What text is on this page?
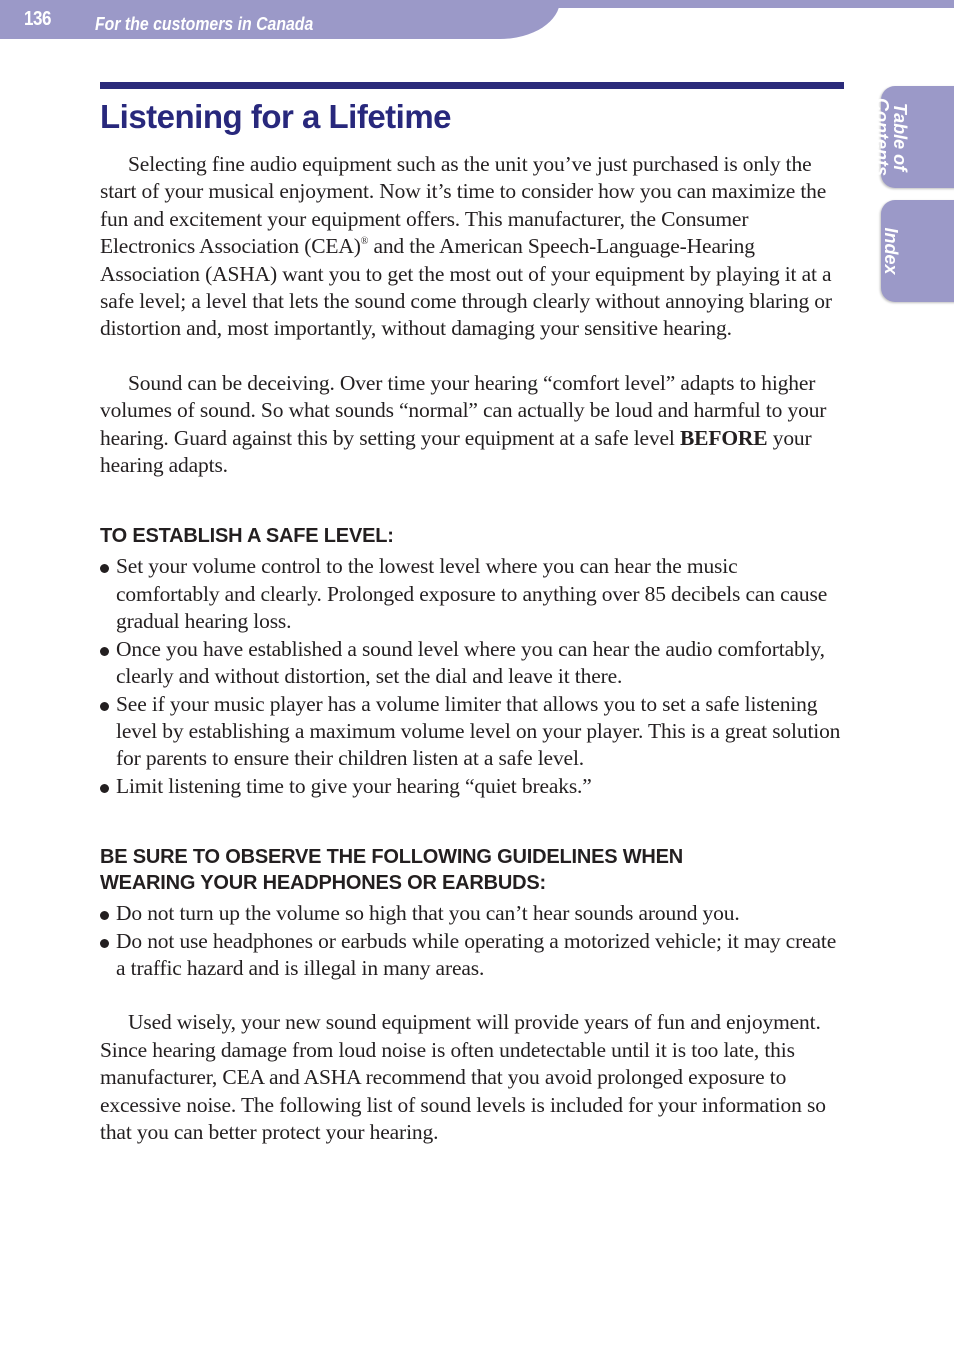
136 For the customers in Canada
Table of
Contents
Index
Listening for a Lifetime

Selecting fine audio equipment such as the unit you’ve just purchased is only the start of your musical enjoyment. Now it’s time to consider how you can maximize the fun and excitement your equipment offers. This manufacturer, the Consumer Electronics Association (CEA)® and the American Speech-Language-Hearing Association (ASHA) want you to get the most out of your equipment by playing it at a safe level; a level that lets the sound come through clearly without annoying blaring or distortion and, most importantly, without damaging your sensitive hearing.

Sound can be deceiving. Over time your hearing “comfort level” adapts to higher volumes of sound. So what sounds “normal” can actually be loud and harmful to your hearing. Guard against this by setting your equipment at a safe level BEFORE your hearing adapts.

TO ESTABLISH A SAFE LEVEL:
Set your volume control to the lowest level where you can hear the music comfortably and clearly. Prolonged exposure to anything over 85 decibels can cause gradual hearing loss.
Once you have established a sound level where you can hear the audio comfortably, clearly and without distortion, set the dial and leave it there.
See if your music player has a volume limiter that allows you to set a safe listening level by establishing a maximum volume level on your player. This is a great solution for parents to ensure their children listen at a safe level.
Limit listening time to give your hearing “quiet breaks.”
BE SURE TO OBSERVE THE FOLLOWING GUIDELINES WHEN
WEARING YOUR HEADPHONES OR EARBUDS:
Do not turn up the volume so high that you can’t hear sounds around you.
Do not use headphones or earbuds while operating a motorized vehicle; it may create a traffic hazard and is illegal in many areas.

Used wisely, your new sound equipment will provide years of fun and enjoyment. Since hearing damage from loud noise is often undetectable until it is too late, this manufacturer, CEA and ASHA recommend that you avoid prolonged exposure to excessive noise. The following list of sound levels is included for your information so that you can better protect your hearing.
